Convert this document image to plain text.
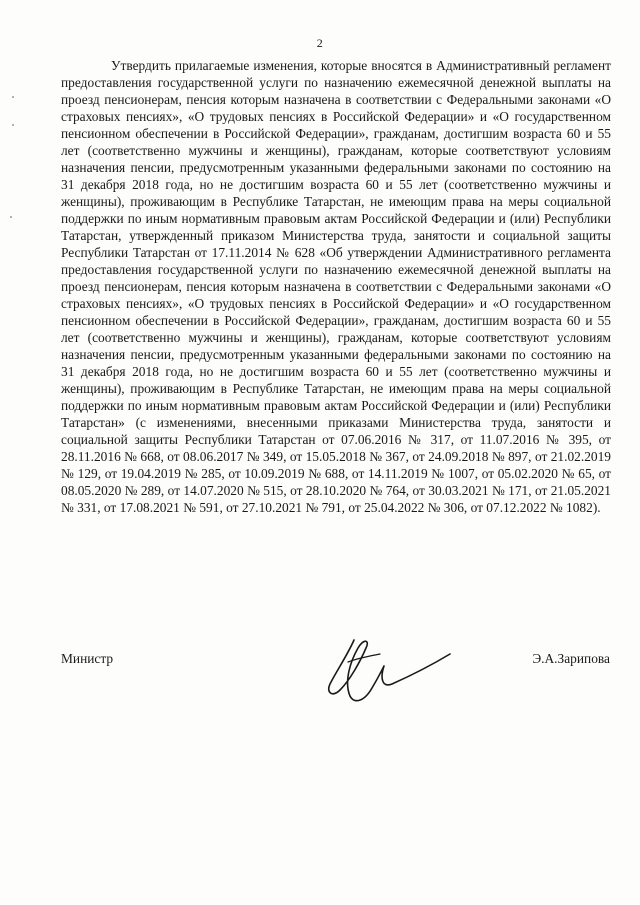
2

Утвердить прилагаемые изменения, которые вносятся в Административный регламент предоставления государственной услуги по назначению ежемесячной денежной выплаты на проезд пенсионерам, пенсия которым назначена в соответствии с Федеральными законами «О страховых пенсиях», «О трудовых пенсиях в Российской Федерации» и «О государственном пенсионном обеспечении в Российской Федерации», гражданам, достигшим возраста 60 и 55 лет (соответственно мужчины и женщины), гражданам, которые соответствуют условиям назначения пенсии, предусмотренным указанными федеральными законами по состоянию на 31 декабря 2018 года, но не достигшим возраста 60 и 55 лет (соответственно мужчины и женщины), проживающим в Республике Татарстан, не имеющим права на меры социальной поддержки по иным нормативным правовым актам Российской Федерации и (или) Республики Татарстан, утвержденный приказом Министерства труда, занятости и социальной защиты Республики Татарстан от 17.11.2014 № 628 «Об утверждении Административного регламента предоставления государственной услуги по назначению ежемесячной денежной выплаты на проезд пенсионерам, пенсия которым назначена в соответствии с Федеральными законами «О страховых пенсиях», «О трудовых пенсиях в Российской Федерации» и «О государственном пенсионном обеспечении в Российской Федерации», гражданам, достигшим возраста 60 и 55 лет (соответственно мужчины и женщины), гражданам, которые соответствуют условиям назначения пенсии, предусмотренным указанными федеральными законами по состоянию на 31 декабря 2018 года, но не достигшим возраста 60 и 55 лет (соответственно мужчины и женщины), проживающим в Республике Татарстан, не имеющим права на меры социальной поддержки по иным нормативным правовым актам Российской Федерации и (или) Республики Татарстан» (с изменениями, внесенными приказами Министерства труда, занятости и социальной защиты Республики Татарстан от 07.06.2016 № 317, от 11.07.2016 № 395, от 28.11.2016 № 668, от 08.06.2017 № 349, от 15.05.2018 № 367, от 24.09.2018 № 897, от 21.02.2019 № 129, от 19.04.2019 № 285, от 10.09.2019 № 688, от 14.11.2019 № 1007, от 05.02.2020 № 65, от 08.05.2020 № 289, от 14.07.2020 № 515, от 28.10.2020 № 764, от 30.03.2021 № 171, от 21.05.2021 № 331, от 17.08.2021 № 591, от 27.10.2021 № 791, от 25.04.2022 № 306, от 07.12.2022 № 1082).

Министр	Э.А.Зарипова
